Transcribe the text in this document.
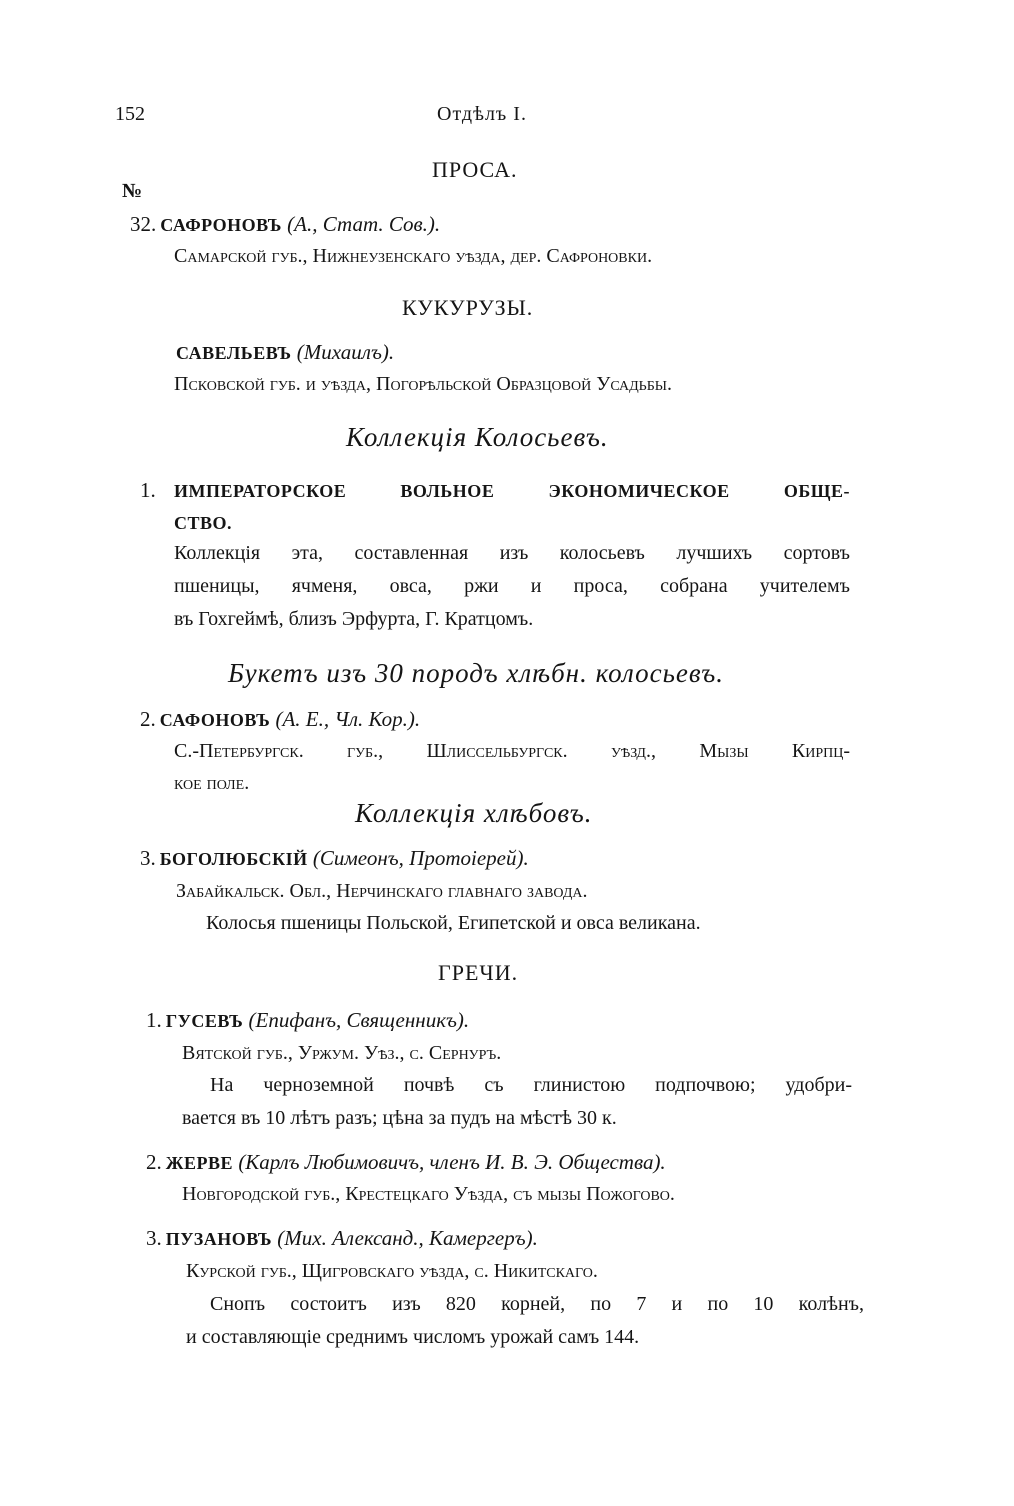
152	Отдѣлъ I.
ПРОСА.
№
32. САФРОНОВЪ (А., Стат. Сов.).
Самарской губ., Нижнеузенскаго уѣзда, дер. Сафроновки.
КУКУРУЗЫ.
САВЕЛЬЕВЪ (Михаилъ).
Псковской губ. и уѣзда, Погорѣльской Образцовой Усадьбы.
Коллекція Колосьевъ.
1. ИМПЕРАТОРСКОЕ ВОЛЬНОЕ ЭКОНОМИЧЕСКОЕ ОБЩЕ-
СТВО.
Коллекція эта, составленная изъ колосьевъ лучшихъ сортовъ
пшеницы, ячменя, овса, ржи и проса, собрана учителемъ
въ Гохгеймѣ, близъ Эрфурта, Г. Кратцомъ.
Букетъ изъ 30 породъ хлѣбн. колосьевъ.
2. САФОНОВЪ (А. Е., Чл. Кор.).
С.-Петербургск. губ., Шлиссельбургск. уѣзд., Мызы Кирпц-
кое поле.
Коллекція хлѣбовъ.
3. БОГОЛЮБСКІЙ (Симеонъ, Протоіерей).
Забайкальск. Обл., Нерчинскаго главнаго завода.
Колосья пшеницы Польской, Египетской и овса великана.
ГРЕЧИ.
1. ГУСЕВЪ (Епифанъ, Священникъ).
Вятской губ., Уржум. Уѣз., с. Сернуръ.
На черноземной почвѣ съ глинистою подпочвою; удобри-
вается въ 10 лѣтъ разъ; цѣна за пудъ на мѣстѣ 30 к.
2. ЖЕРВЕ (Карлъ Любимовичъ, членъ И. В. Э. Общества).
Новгородской губ., Крестецкаго Уѣзда, съ мызы Пожогово.
3. ПУЗАНОВЪ (Мих. Александ., Камергеръ).
Курской губ., Щигровскаго уѣзда, с. Никитскаго.
Снопъ состоитъ изъ 820 корней, по 7 и по 10 колѣнъ,
и составляющіе среднимъ числомъ урожай самъ 144.
